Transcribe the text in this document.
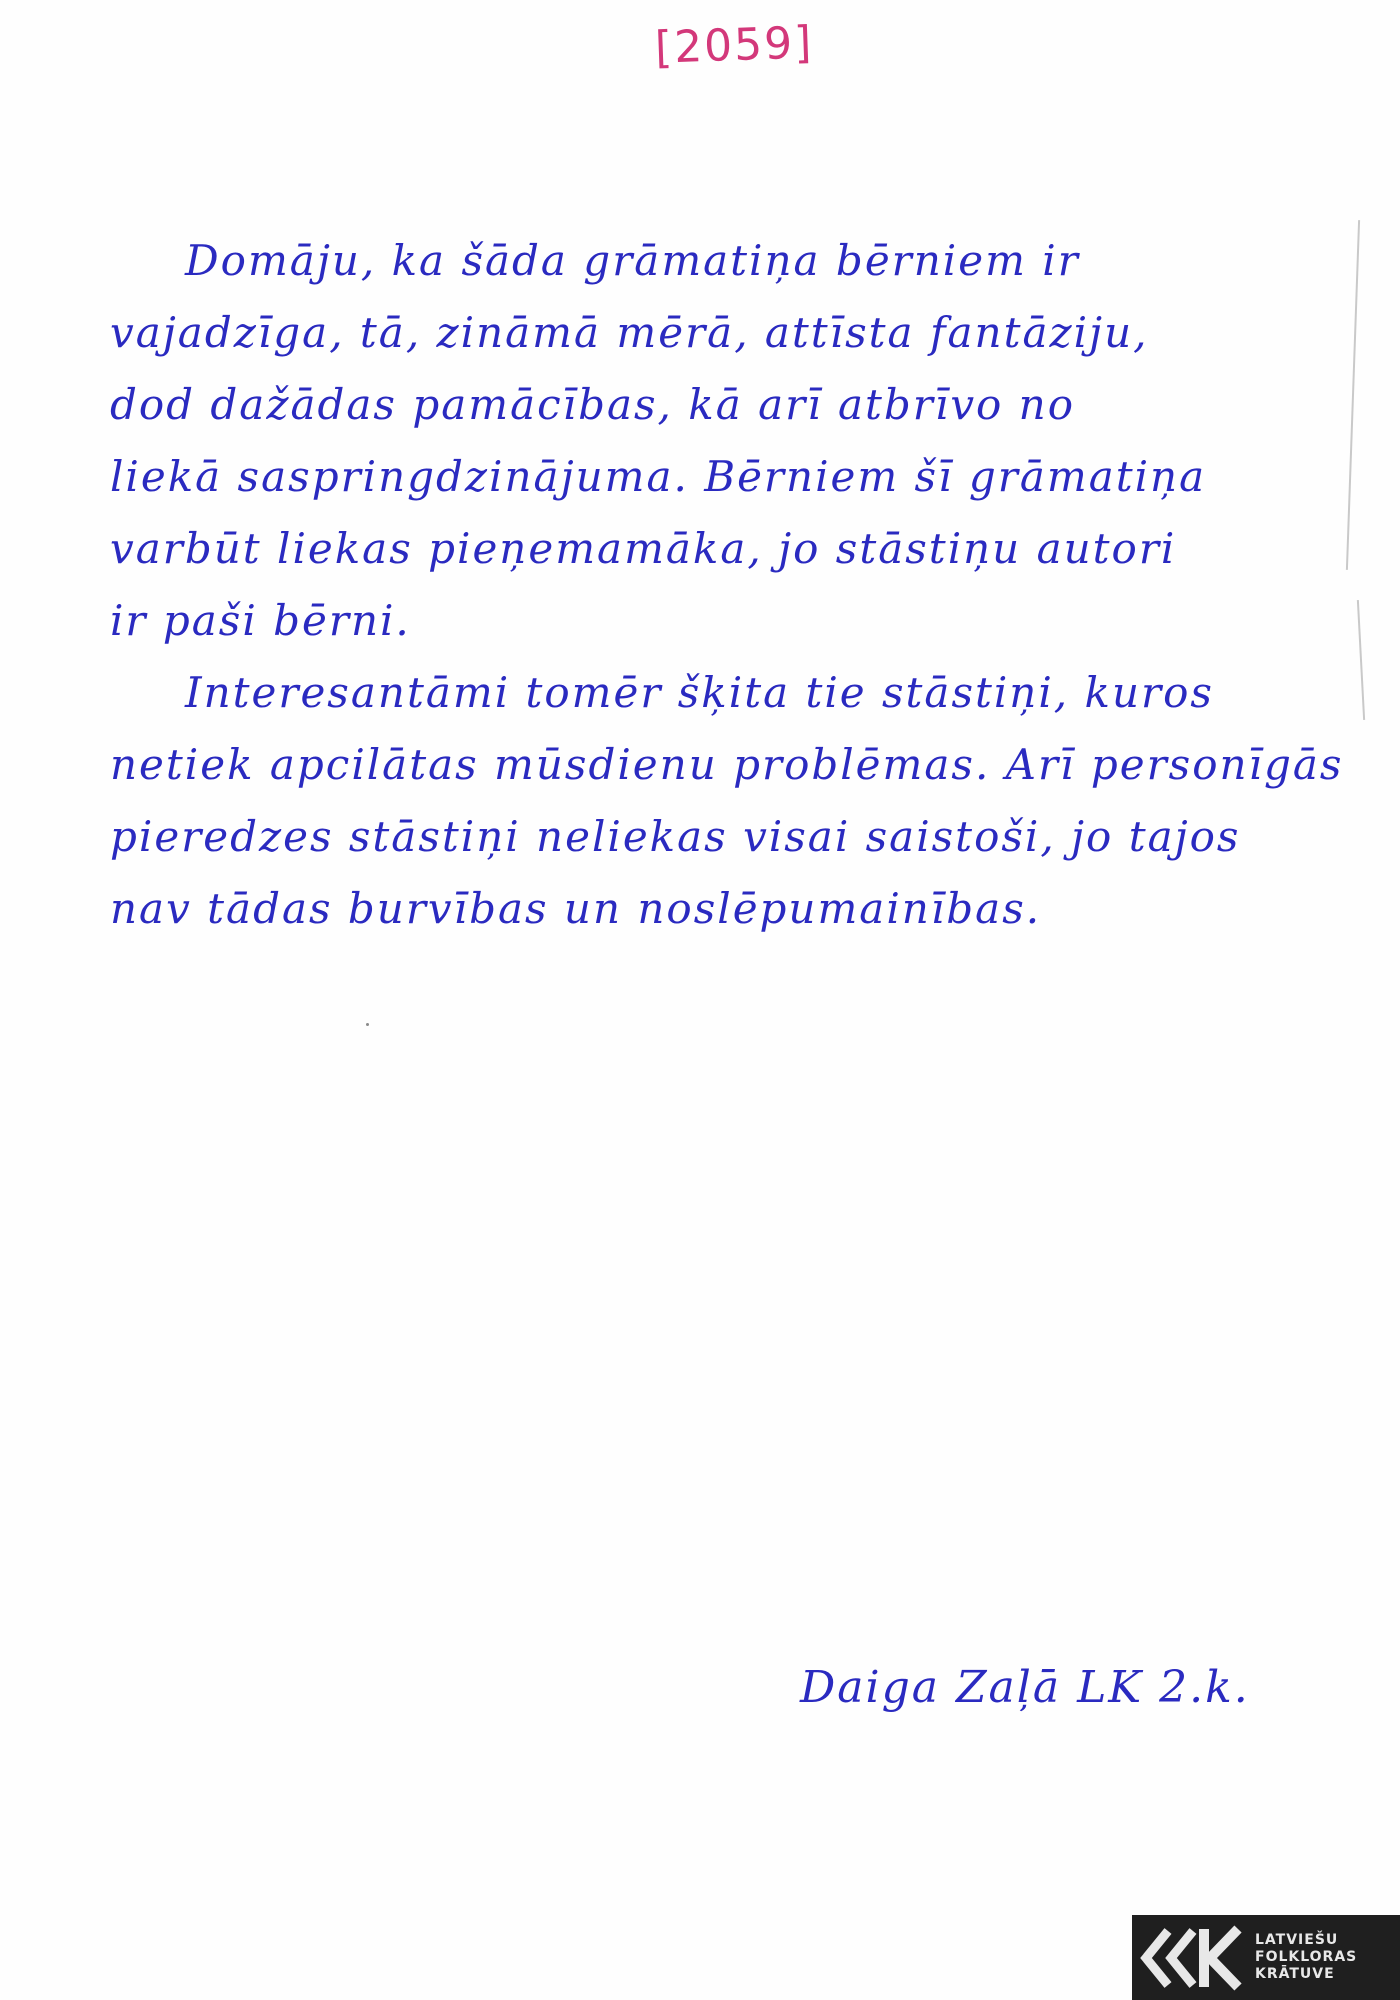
[2059]
Domāju, ka šāda grāmatiņa bērniem ir
vajadzīga, tā, zināmā mērā, attīsta fantāziju,
dod dažādas pamācības, kā arī atbrīvo no
liekā saspringdzinājuma. Bērniem šī grāmatiņa
varbūt liekas pieņemamāka, jo stāstiņu autori
ir paši bērni.
Interesantāmi tomēr šķita tie stāstiņi, kuros
netiek apcilātas mūsdienu problēmas. Arī personīgās
pieredzes stāstiņi neliekas visai saistoši, jo tajos
nav tādas burvības un noslēpumainības.
Daiga Zaļā LK 2.k.
LATVIEŠU
FOLKLORAS
KRĀTUVE
